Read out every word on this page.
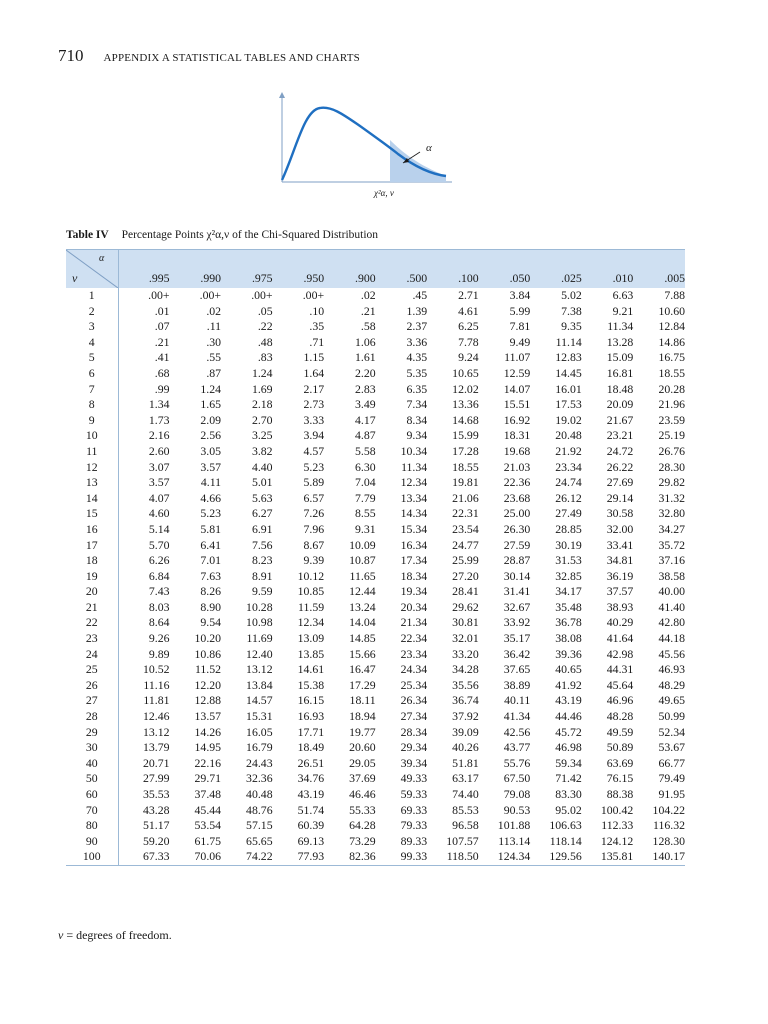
710 APPENDIX A STATISTICAL TABLES AND CHARTS
α
χ²α, ν
Table IV Percentage Points χ²α,ν of the Chi-Squared Distribution
α
ν											

	.995	.990	.975	.950	.900	.500	.100	.050	.025	.010	.005
1	.00+	.00+	.00+	.00+	.02	.45	2.71	3.84	5.02	6.63	7.88
2	.01	.02	.05	.10	.21	1.39	4.61	5.99	7.38	9.21	10.60
3	.07	.11	.22	.35	.58	2.37	6.25	7.81	9.35	11.34	12.84
4	.21	.30	.48	.71	1.06	3.36	7.78	9.49	11.14	13.28	14.86
5	.41	.55	.83	1.15	1.61	4.35	9.24	11.07	12.83	15.09	16.75
6	.68	.87	1.24	1.64	2.20	5.35	10.65	12.59	14.45	16.81	18.55
7	.99	1.24	1.69	2.17	2.83	6.35	12.02	14.07	16.01	18.48	20.28
8	1.34	1.65	2.18	2.73	3.49	7.34	13.36	15.51	17.53	20.09	21.96
9	1.73	2.09	2.70	3.33	4.17	8.34	14.68	16.92	19.02	21.67	23.59
10	2.16	2.56	3.25	3.94	4.87	9.34	15.99	18.31	20.48	23.21	25.19
11	2.60	3.05	3.82	4.57	5.58	10.34	17.28	19.68	21.92	24.72	26.76
12	3.07	3.57	4.40	5.23	6.30	11.34	18.55	21.03	23.34	26.22	28.30
13	3.57	4.11	5.01	5.89	7.04	12.34	19.81	22.36	24.74	27.69	29.82
14	4.07	4.66	5.63	6.57	7.79	13.34	21.06	23.68	26.12	29.14	31.32
15	4.60	5.23	6.27	7.26	8.55	14.34	22.31	25.00	27.49	30.58	32.80
16	5.14	5.81	6.91	7.96	9.31	15.34	23.54	26.30	28.85	32.00	34.27
17	5.70	6.41	7.56	8.67	10.09	16.34	24.77	27.59	30.19	33.41	35.72
18	6.26	7.01	8.23	9.39	10.87	17.34	25.99	28.87	31.53	34.81	37.16
19	6.84	7.63	8.91	10.12	11.65	18.34	27.20	30.14	32.85	36.19	38.58
20	7.43	8.26	9.59	10.85	12.44	19.34	28.41	31.41	34.17	37.57	40.00
21	8.03	8.90	10.28	11.59	13.24	20.34	29.62	32.67	35.48	38.93	41.40
22	8.64	9.54	10.98	12.34	14.04	21.34	30.81	33.92	36.78	40.29	42.80
23	9.26	10.20	11.69	13.09	14.85	22.34	32.01	35.17	38.08	41.64	44.18
24	9.89	10.86	12.40	13.85	15.66	23.34	33.20	36.42	39.36	42.98	45.56
25	10.52	11.52	13.12	14.61	16.47	24.34	34.28	37.65	40.65	44.31	46.93
26	11.16	12.20	13.84	15.38	17.29	25.34	35.56	38.89	41.92	45.64	48.29
27	11.81	12.88	14.57	16.15	18.11	26.34	36.74	40.11	43.19	46.96	49.65
28	12.46	13.57	15.31	16.93	18.94	27.34	37.92	41.34	44.46	48.28	50.99
29	13.12	14.26	16.05	17.71	19.77	28.34	39.09	42.56	45.72	49.59	52.34
30	13.79	14.95	16.79	18.49	20.60	29.34	40.26	43.77	46.98	50.89	53.67
40	20.71	22.16	24.43	26.51	29.05	39.34	51.81	55.76	59.34	63.69	66.77
50	27.99	29.71	32.36	34.76	37.69	49.33	63.17	67.50	71.42	76.15	79.49
60	35.53	37.48	40.48	43.19	46.46	59.33	74.40	79.08	83.30	88.38	91.95
70	43.28	45.44	48.76	51.74	55.33	69.33	85.53	90.53	95.02	100.42	104.22
80	51.17	53.54	57.15	60.39	64.28	79.33	96.58	101.88	106.63	112.33	116.32
90	59.20	61.75	65.65	69.13	73.29	89.33	107.57	113.14	118.14	124.12	128.30
100	67.33	70.06	74.22	77.93	82.36	99.33	118.50	124.34	129.56	135.81	140.17
ν = degrees of freedom.
